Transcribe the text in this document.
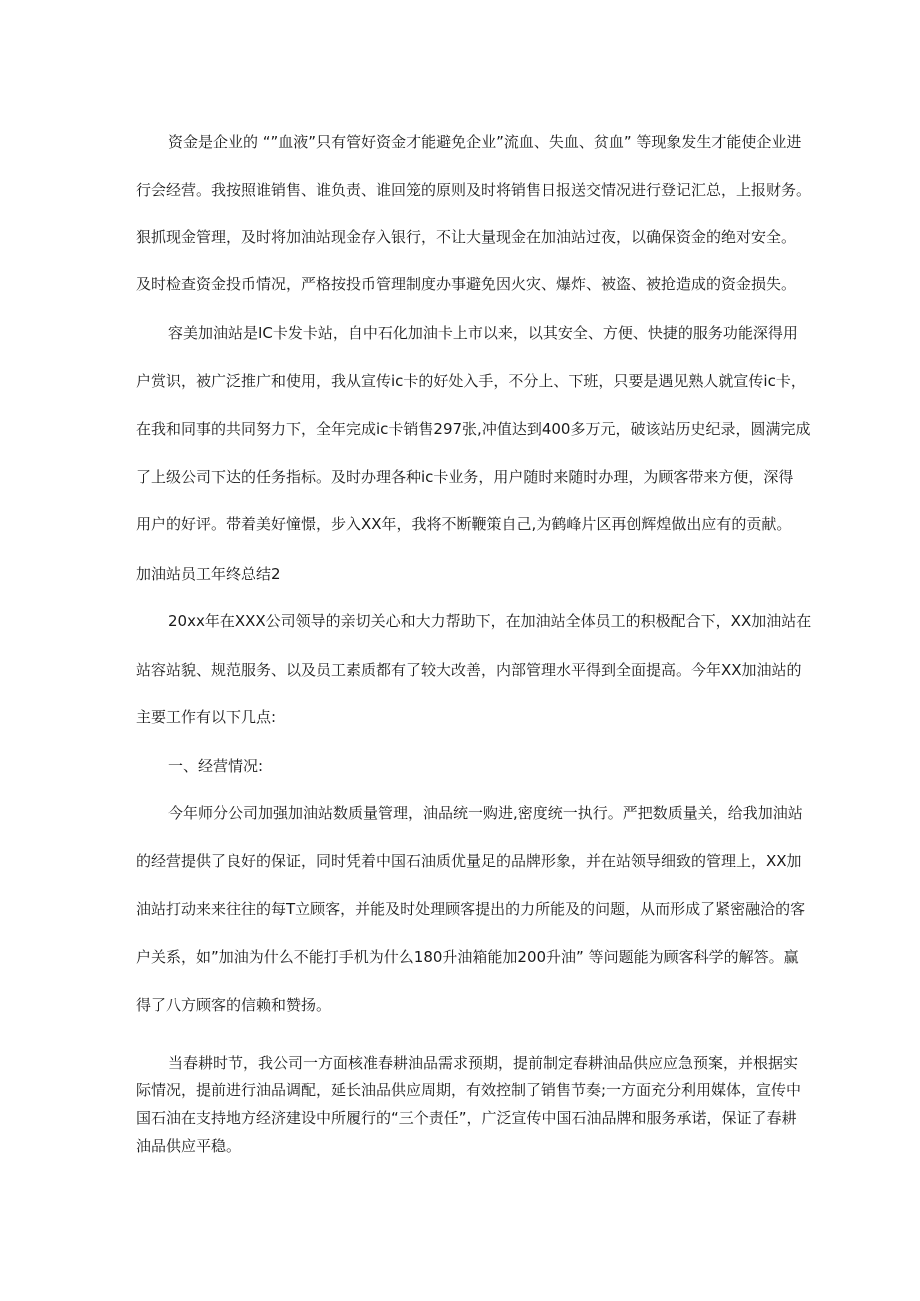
资金是企业的 “”血液”只有管好资金才能避免企业”流血、失血、贫血” 等现象发生才能使企业进
行会经营。我按照谁销售、谁负责、谁回笼的原则及时将销售日报送交情况进行登记汇总，上报财务。
狠抓现金管理，及时将加油站现金存入银行，不让大量现金在加油站过夜，以确保资金的绝对安全。
及时检查资金投币情况，严格按投币管理制度办事避免因火灾、爆炸、被盗、被抢造成的资金损失。
容美加油站是IC卡发卡站，自中石化加油卡上市以来，以其安全、方便、快捷的服务功能深得用
户赏识，被广泛推广和使用，我从宣传ic卡的好处入手，不分上、下班，只要是遇见熟人就宣传ic卡，
在我和同事的共同努力下，全年完成ic卡销售297张,冲值达到400多万元，破该站历史纪录，圆满完成
了上级公司下达的任务指标。及时办理各种ic卡业务，用户随时来随时办理，为顾客带来方便，深得
用户的好评。带着美好憧憬，步入XX年，我将不断鞭策自己,为鹤峰片区再创辉煌做出应有的贡献。
加油站员工年终总结2
20xx年在XXX公司领导的亲切关心和大力帮助下，在加油站全体员工的积极配合下，XX加油站在
站容站貌、规范服务、以及员工素质都有了较大改善，内部管理水平得到全面提高。今年XX加油站的
主要工作有以下几点:
一、经营情况:
今年师分公司加强加油站数质量管理，油品统一购进,密度统一执行。严把数质量关，给我加油站
的经营提供了良好的保证，同时凭着中国石油质优量足的品牌形象，并在站领导细致的管理上，XX加
油站打动来来往往的每T立顾客，并能及时处理顾客提出的力所能及的问题，从而形成了紧密融洽的客
户关系，如”加油为什么不能打手机为什么180升油箱能加200升油” 等问题能为顾客科学的解答。赢
得了八方顾客的信赖和赞扬。
当春耕时节，我公司一方面核准春耕油品需求预期，提前制定春耕油品供应应急预案，并根据实
际情况，提前进行油品调配，延长油品供应周期，有效控制了销售节奏;一方面充分利用媒体，宣传中
国石油在支持地方经济建设中所履行的“三个责任”，广泛宣传中国石油品牌和服务承诺，保证了春耕
油品供应平稳。
